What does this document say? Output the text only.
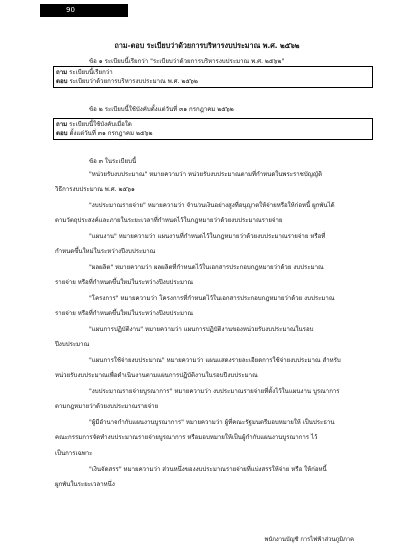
90
ถาม-ตอบ ระเบียบว่าด้วยการบริหารงบประมาณ พ.ศ. ๒๕๖๒
ข้อ ๑ ระเบียบนี้เรียกว่า "ระเบียบว่าด้วยการบริหารงบประมาณ พ.ศ. ๒๕๖๒"
ถาม ระเบียบนี้เรียกว่า
ตอบ ระเบียบว่าด้วยการบริหารงบประมาณ พ.ศ. ๒๕๖๒
ข้อ ๒ ระเบียบนี้ใช้บังคับตั้งแต่วันที่ ๓๑ กรกฎาคม ๒๕๖๒
ถาม ระเบียบนี้ใช้บังคับเมื่อใด
ตอบ ตั้งแต่วันที่ ๓๑ กรกฎาคม ๒๕๖๒
ข้อ ๓ ในระเบียบนี้
"หน่วยรับงบประมาณ" หมายความว่า หน่วยรับงบประมาณตามที่กำหนดในพระราชบัญญัติ
วิธีการงบประมาณ พ.ศ. ๒๕๖๑
"งบประมาณรายจ่าย" หมายความว่า จำนวนเงินอย่างสูงที่อนุญาตให้จ่ายหรือให้ก่อหนี้ ผูกพันได้
ตามวัตถุประสงค์และภายในระยะเวลาที่กำหนดไว้ในกฎหมายว่าด้วยงบประมาณรายจ่าย
"แผนงาน" หมายความว่า แผนงานที่กำหนดไว้ในกฎหมายว่าด้วยงบประมาณรายจ่าย หรือที่
กำหนดขึ้นใหม่ในระหว่างปีงบประมาณ
"ผลผลิต" หมายความว่า ผลผลิตที่กำหนดไว้ในเอกสารประกอบกฎหมายว่าด้วย งบประมาณ
รายจ่าย หรือที่กำหนดขึ้นใหม่ในระหว่างปีงบประมาณ
"โครงการ" หมายความว่า โครงการที่กำหนดไว้ในเอกสารประกอบกฎหมายว่าด้วย งบประมาณ
รายจ่าย หรือที่กำหนดขึ้นใหม่ในระหว่างปีงบประมาณ
"แผนการปฏิบัติงาน" หมายความว่า แผนการปฏิบัติงานของหน่วยรับงบประมาณในรอบ
ปีงบประมาณ
"แผนการใช้จ่ายงบประมาณ" หมายความว่า แผนแสดงรายละเอียดการใช้จ่ายงบประมาณ สำหรับ
หน่วยรับงบประมาณเพื่อดำเนินงานตามแผนการปฏิบัติงานในรอบปีงบประมาณ
"งบประมาณรายจ่ายบูรณาการ" หมายความว่า งบประมาณรายจ่ายที่ตั้งไว้ในแผนงาน บูรณาการ
ตามกฎหมายว่าด้วยงบประมาณรายจ่าย
"ผู้มีอำนาจกำกับแผนงานบูรณาการ" หมายความว่า ผู้ที่คณะรัฐมนตรีมอบหมายให้ เป็นประธาน
คณะกรรมการจัดทำงบประมาณรายจ่ายบูรณาการ หรือมอบหมายให้เป็นผู้กำกับแผนงานบูรณาการ ไว้
เป็นการเฉพาะ
"เงินจัดสรร" หมายความว่า ส่วนหนึ่งของงบประมาณรายจ่ายที่แบ่งสรรให้จ่าย หรือ ให้ก่อหนี้
ผูกพันในระยะเวลาหนึ่ง
พนักงานบัญชี การไฟฟ้าส่วนภูมิภาค
